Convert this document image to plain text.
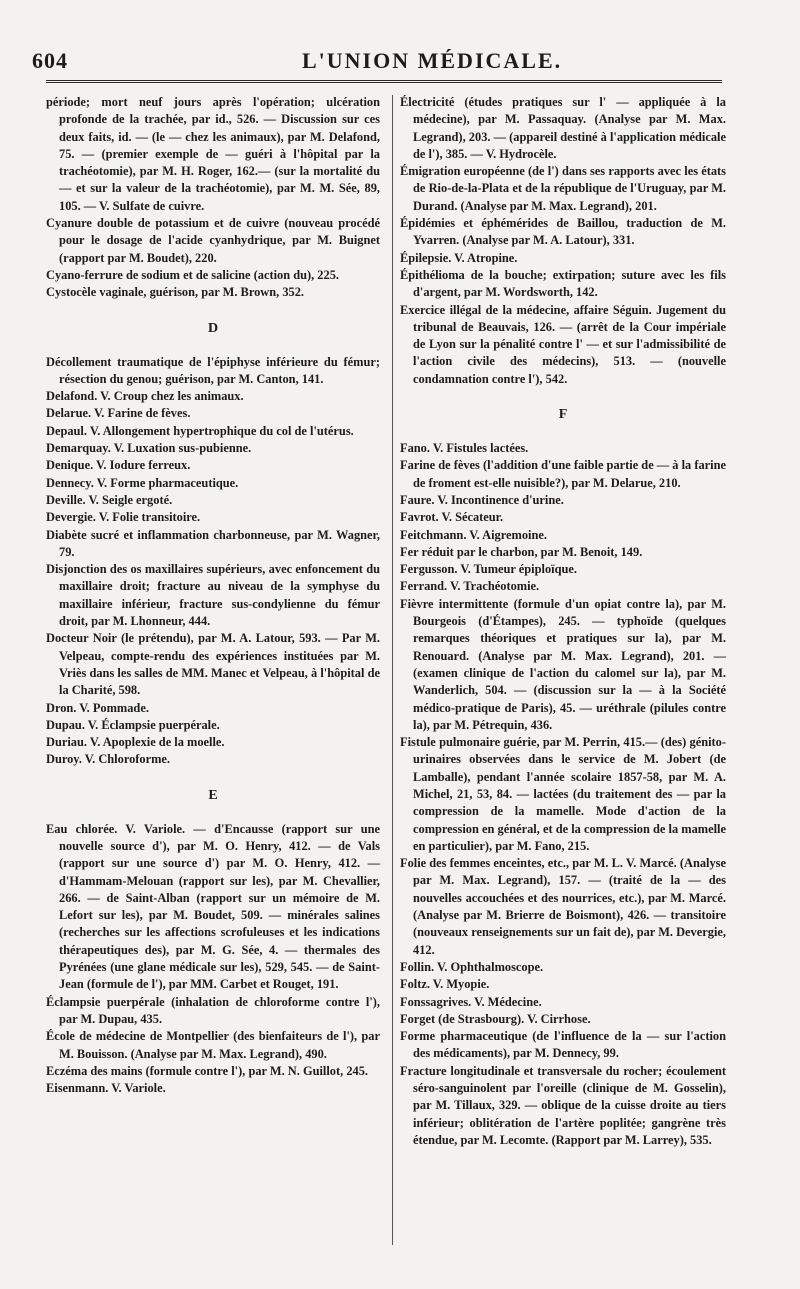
604	L'UNION MÉDICALE.

période; mort neuf jours après l'opération; ulcération profonde de la trachée, par id., 526. — Discussion sur ces deux faits, id. — (le — chez les animaux), par M. Delafond, 75. — (premier exemple de — guéri à l'hôpital par la trachéotomie), par M. H. Roger, 162.— (sur la mortalité du — et sur la valeur de la trachéotomie), par M. M. Sée, 89, 105. — V. Sulfate de cuivre.

Cyanure double de potassium et de cuivre (nouveau procédé pour le dosage de l'acide cyanhydrique, par M. Buignet (rapport par M. Boudet), 220.

Cyano-ferrure de sodium et de salicine (action du), 225.

Cystocèle vaginale, guérison, par M. Brown, 352.

D

Décollement traumatique de l'épiphyse inférieure du fémur; résection du genou; guérison, par M. Canton, 141.

Delafond. V. Croup chez les animaux.

Delarue. V. Farine de fèves.

Depaul. V. Allongement hypertrophique du col de l'utérus.

Demarquay. V. Luxation sus-pubienne.

Denique. V. Iodure ferreux.

Dennecy. V. Forme pharmaceutique.

Deville. V. Seigle ergoté.

Devergie. V. Folie transitoire.

Diabète sucré et inflammation charbonneuse, par M. Wagner, 79.

Disjonction des os maxillaires supérieurs, avec enfoncement du maxillaire droit; fracture au niveau de la symphyse du maxillaire inférieur, fracture sus-condylienne du fémur droit, par M. Lhonneur, 444.

Docteur Noir (le prétendu), par M. A. Latour, 593. — Par M. Velpeau, compte-rendu des expériences instituées par M. Vriès dans les salles de MM. Manec et Velpeau, à l'hôpital de la Charité, 598.

Dron. V. Pommade.

Dupau. V. Éclampsie puerpérale.

Duriau. V. Apoplexie de la moelle.

Duroy. V. Chloroforme.

E

Eau chlorée. V. Variole. — d'Encausse (rapport sur une nouvelle source d'), par M. O. Henry, 412. — de Vals (rapport sur une source d') par M. O. Henry, 412. — d'Hammam-Melouan (rapport sur les), par M. Chevallier, 266. — de Saint-Alban (rapport sur un mémoire de M. Lefort sur les), par M. Boudet, 509. — minérales salines (recherches sur les affections scrofuleuses et les indications thérapeutiques des), par M. G. Sée, 4. — thermales des Pyrénées (une glane médicale sur les), 529, 545. — de Saint-Jean (formule de l'), par MM. Carbet et Rouget, 191.

Éclampsie puerpérale (inhalation de chloroforme contre l'), par M. Dupau, 435.

École de médecine de Montpellier (des bienfaiteurs de l'), par M. Bouisson. (Analyse par M. Max. Legrand), 490.

Eczéma des mains (formule contre l'), par M. N. Guillot, 245.

Eisenmann. V. Variole.

Électricité (études pratiques sur l' — appliquée à la médecine), par M. Passaquay. (Analyse par M. Max. Legrand), 203. — (appareil destiné à l'application médicale de l'), 385. — V. Hydrocèle.

Émigration européenne (de l') dans ses rapports avec les états de Rio-de-la-Plata et de la république de l'Uruguay, par M. Durand. (Analyse par M. Max. Legrand), 201.

Épidémies et éphémérides de Baillou, traduction de M. Yvarren. (Analyse par M. A. Latour), 331.

Épilepsie. V. Atropine.

Épithélioma de la bouche; extirpation; suture avec les fils d'argent, par M. Wordsworth, 142.

Exercice illégal de la médecine, affaire Séguin. Jugement du tribunal de Beauvais, 126. — (arrêt de la Cour impériale de Lyon sur la pénalité contre l' — et sur l'admissibilité de l'action civile des médecins), 513. — (nouvelle condamnation contre l'), 542.

F

Fano. V. Fistules lactées.

Farine de fèves (l'addition d'une faible partie de — à la farine de froment est-elle nuisible?), par M. Delarue, 210.

Faure. V. Incontinence d'urine.

Favrot. V. Sécateur.

Feitchmann. V. Aigremoine.

Fer réduit par le charbon, par M. Benoit, 149.

Fergusson. V. Tumeur épiploïque.

Ferrand. V. Trachéotomie.

Fièvre intermittente (formule d'un opiat contre la), par M. Bourgeois (d'Étampes), 245. — typhoïde (quelques remarques théoriques et pratiques sur la), par M. Renouard. (Analyse par M. Max. Legrand), 201. — (examen clinique de l'action du calomel sur la), par M. Wanderlich, 504. — (discussion sur la — à la Société médico-pratique de Paris), 45. — uréthrale (pilules contre la), par M. Pétrequin, 436.

Fistule pulmonaire guérie, par M. Perrin, 415.— (des) génito-urinaires observées dans le service de M. Jobert (de Lamballe), pendant l'année scolaire 1857-58, par M. A. Michel, 21, 53, 84. — lactées (du traitement des — par la compression de la mamelle. Mode d'action de la compression en général, et de la compression de la mamelle en particulier), par M. Fano, 215.

Folie des femmes enceintes, etc., par M. L. V. Marcé. (Analyse par M. Max. Legrand), 157. — (traité de la — des nouvelles accouchées et des nourrices, etc.), par M. Marcé. (Analyse par M. Brierre de Boismont), 426. — transitoire (nouveaux renseignements sur un fait de), par M. Devergie, 412.

Follin. V. Ophthalmoscope.

Foltz. V. Myopie.

Fonssagrives. V. Médecine.

Forget (de Strasbourg). V. Cirrhose.

Forme pharmaceutique (de l'influence de la — sur l'action des médicaments), par M. Dennecy, 99.

Fracture longitudinale et transversale du rocher; écoulement séro-sanguinolent par l'oreille (clinique de M. Gosselin), par M. Tillaux, 329. — oblique de la cuisse droite au tiers inférieur; oblitération de l'artère poplitée; gangrène très étendue, par M. Lecomte. (Rapport par M. Larrey), 535.
